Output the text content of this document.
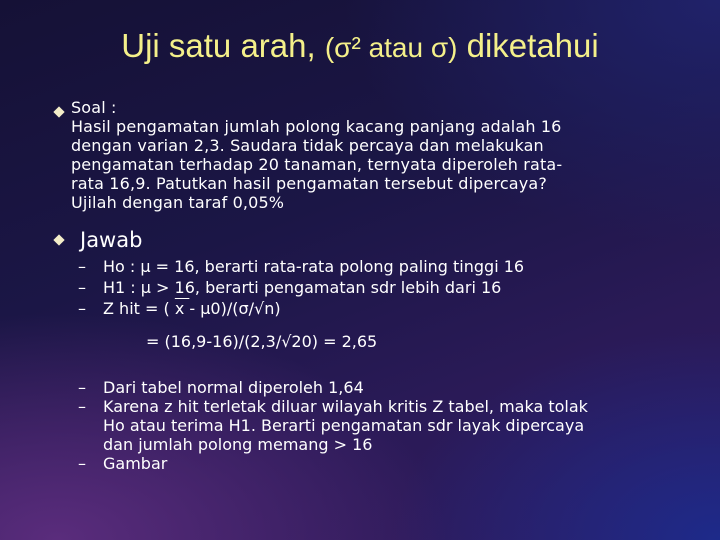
Uji satu arah, (σ² atau σ) diketahui
Soal :
Hasil pengamatan jumlah polong kacang panjang adalah 16
dengan varian 2,3. Saudara tidak percaya dan melakukan
pengamatan terhadap 20 tanaman, ternyata diperoleh rata-
rata 16,9. Patutkan hasil pengamatan tersebut dipercaya?
Ujilah dengan taraf 0,05%
Jawab
– Ho : μ = 16, berarti rata-rata polong paling tinggi 16
– H1 : μ > 16, berarti pengamatan sdr lebih dari 16
– Z hit = ( x - μ0)/(σ/√n)
= (16,9-16)/(2,3/√20) = 2,65
– Dari tabel normal diperoleh 1,64
– Karena z hit terletak diluar wilayah kritis Z tabel, maka tolak
Ho atau terima H1. Berarti pengamatan sdr layak dipercaya
dan jumlah polong memang > 16
– Gambar
